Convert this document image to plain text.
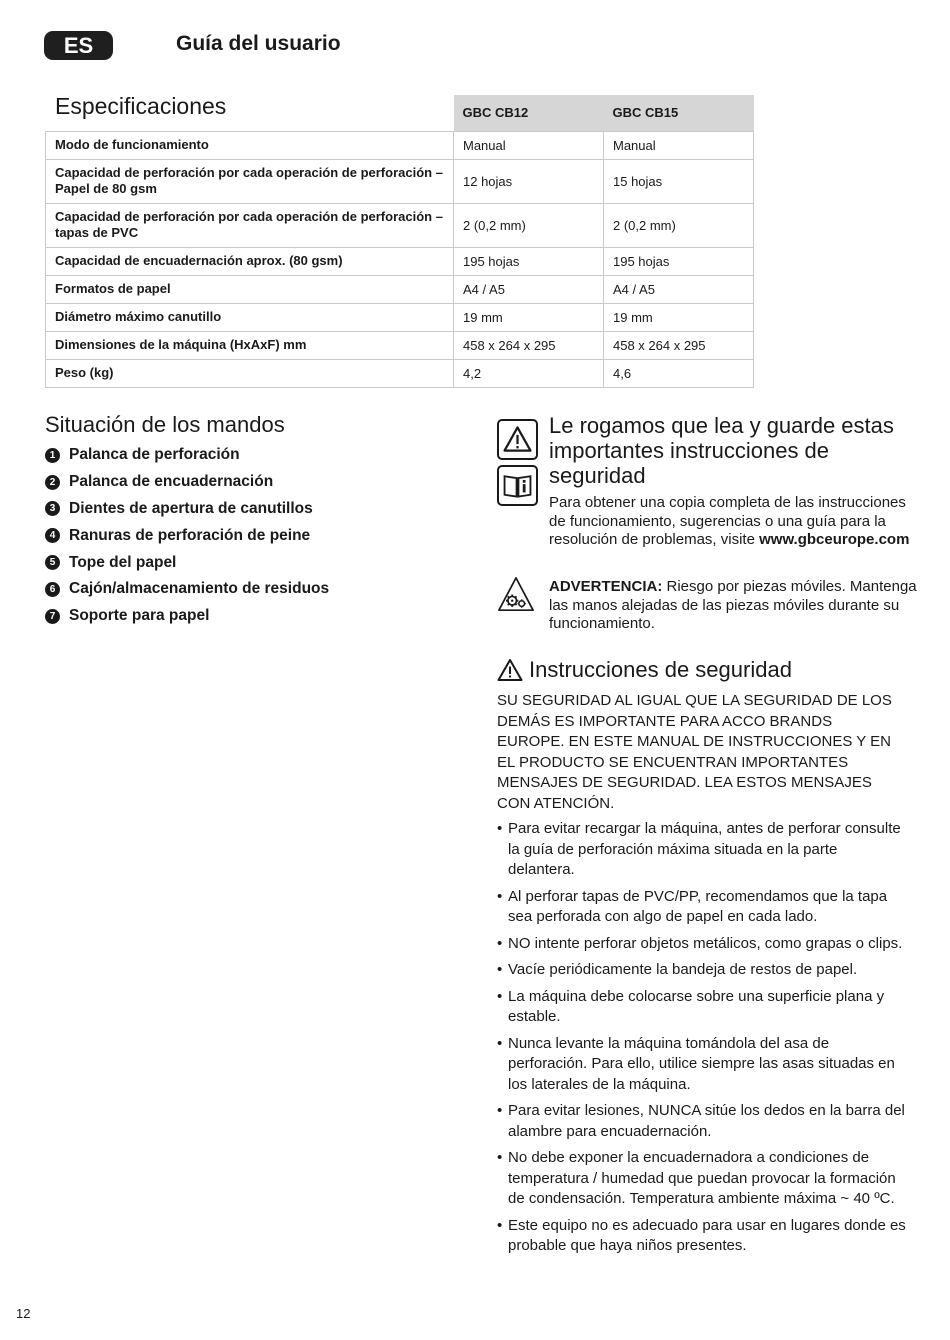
ES	Guía del usuario
	GBC CB12	GBC CB15
Modo de funcionamiento	Manual	Manual
Capacidad de perforación por cada operación de perforación – Papel de 80 gsm	12 hojas	15 hojas
Capacidad de perforación por cada operación de perforación – tapas de PVC	2 (0,2 mm)	2 (0,2 mm)
Capacidad de encuadernación aprox. (80 gsm)	195 hojas	195 hojas
Formatos de papel	A4 / A5	A4 / A5
Diámetro máximo canutillo	19 mm	19 mm
Dimensiones de la máquina (HxAxF) mm	458 x 264 x 295	458 x 264 x 295
Peso (kg)	4,2	4,6
Especificaciones
Situación de los mandos
1 Palanca de perforación
2 Palanca de encuadernación
3 Dientes de apertura de canutillos
4 Ranuras de perforación de peine
5 Tope del papel
6 Cajón/almacenamiento de residuos
7 Soporte para papel
Le rogamos que lea y guarde estas importantes instrucciones de seguridad
Para obtener una copia completa de las instrucciones de funcionamiento, sugerencias o una guía para la resolución de problemas, visite www.gbceurope.com
ADVERTENCIA: Riesgo por piezas móviles. Mantenga las manos alejadas de las piezas móviles durante su funcionamiento.
Instrucciones de seguridad
SU SEGURIDAD AL IGUAL QUE LA SEGURIDAD DE LOS DEMÁS ES IMPORTANTE PARA ACCO BRANDS EUROPE. EN ESTE MANUAL DE INSTRUCCIONES Y EN EL PRODUCTO SE ENCUENTRAN IMPORTANTES MENSAJES DE SEGURIDAD. LEA ESTOS MENSAJES CON ATENCIÓN.
• Para evitar recargar la máquina, antes de perforar consulte la guía de perforación máxima situada en la parte delantera.
• Al perforar tapas de PVC/PP, recomendamos que la tapa sea perforada con algo de papel en cada lado.
• NO intente perforar objetos metálicos, como grapas o clips.
• Vacíe periódicamente la bandeja de restos de papel.
• La máquina debe colocarse sobre una superficie plana y estable.
• Nunca levante la máquina tomándola del asa de perforación. Para ello, utilice siempre las asas situadas en los laterales de la máquina.
• Para evitar lesiones, NUNCA sitúe los dedos en la barra del alambre para encuadernación.
• No debe exponer la encuadernadora a condiciones de temperatura / humedad que puedan provocar la formación de condensación. Temperatura ambiente máxima ~ 40 ºC.
• Este equipo no es adecuado para usar en lugares donde es probable que haya niños presentes.
12
